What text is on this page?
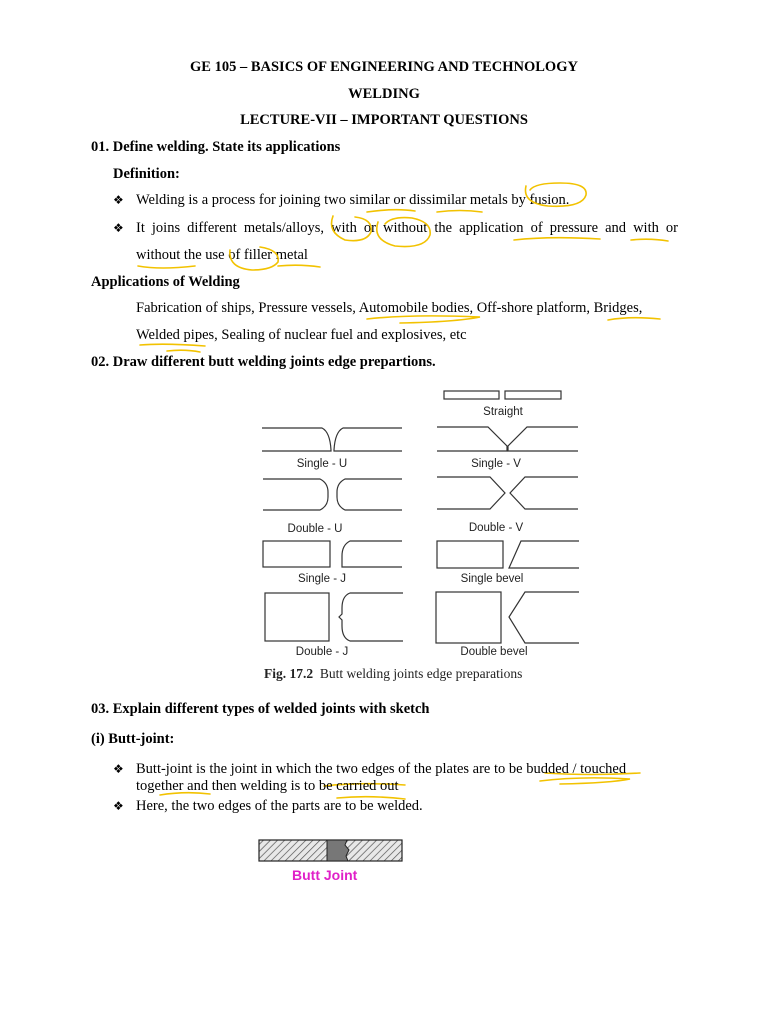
GE 105 – BASICS OF ENGINEERING AND TECHNOLOGY
WELDING
LECTURE-VII – IMPORTANT QUESTIONS
01. Define welding. State its applications
Definition:
❖ Welding is a process for joining two similar or dissimilar metals by fusion.
❖ It joins different metals/alloys, with or without the application of pressure and with or
without the use of filler metal
Applications of Welding
Fabrication of ships, Pressure vessels, Automobile bodies, Off-shore platform, Bridges,
Welded pipes, Sealing of nuclear fuel and explosives, etc
02. Draw different butt welding joints edge prepartions.
Straight
Single - U	Single - V
Double - U	Double - V
Single - J	Single bevel
Double - J	Double bevel
Fig. 17.2 Butt welding joints edge preparations
03. Explain different types of welded joints with sketch
(i) Butt-joint:
❖ Butt-joint is the joint in which the two edges of the plates are to be budded / touched
together and then welding is to be carried out
❖ Here, the two edges of the parts are to be welded.
Butt Joint
